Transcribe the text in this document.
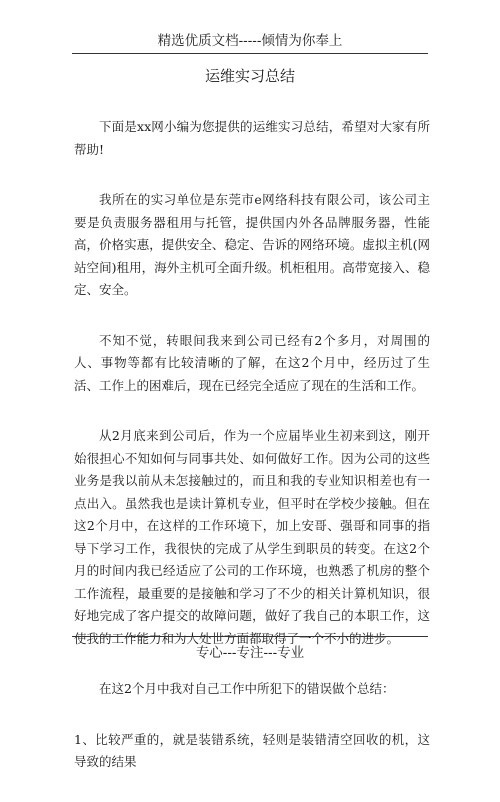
精选优质文档-----倾情为你奉上
运维实习总结

下面是xx网小编为您提供的运维实习总结，希望对大家有所帮助!

我所在的实习单位是东莞市e网络科技有限公司，该公司主要是负责服务器租用与托管，提供国内外各品牌服务器，性能高，价格实惠，提供安全、稳定、告诉的网络环境。虚拟主机(网站空间)租用，海外主机可全面升级。机柜租用。高带宽接入、稳定、安全。

不知不觉，转眼间我来到公司已经有2个多月，对周围的人、事物等都有比较清晰的了解，在这2个月中，经历过了生活、工作上的困难后，现在已经完全适应了现在的生活和工作。

从2月底来到公司后，作为一个应届毕业生初来到这，刚开始很担心不知如何与同事共处、如何做好工作。因为公司的这些业务是我以前从未怎接触过的，而且和我的专业知识相差也有一点出入。虽然我也是读计算机专业，但平时在学校少接触。但在这2个月中，在这样的工作环境下，加上安哥、强哥和同事的指导下学习工作，我很快的完成了从学生到职员的转变。在这2个月的时间内我已经适应了公司的工作环境，也熟悉了机房的整个工作流程，最重要的是接触和学习了不少的相关计算机知识，很好地完成了客户提交的故障问题，做好了我自己的本职工作，这使我的工作能力和为人处世方面都取得了一个不小的进步。

在这2个月中我对自己工作中所犯下的错误做个总结：

1、比较严重的，就是装错系统，轻则是装错清空回收的机，这导致的结果

专心---专注---专业
